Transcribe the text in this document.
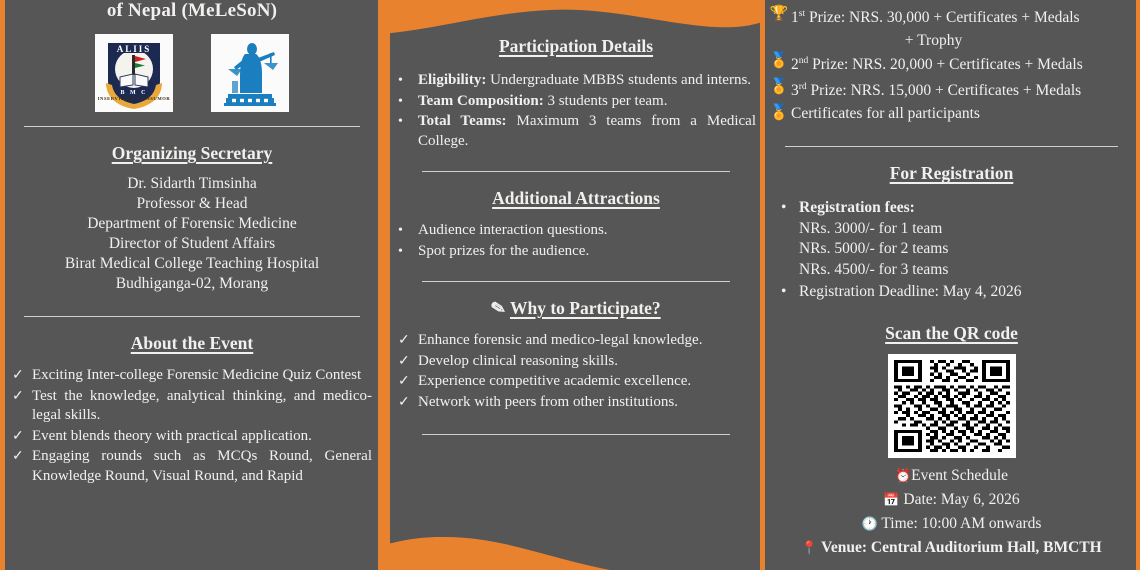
of Nepal (MeLeSoN)
ALIIS
B M C
INSERVIENDO CONSUMOR
Organizing Secretary
Dr. Sidarth Timsinha
Professor & Head
Department of Forensic Medicine
Director of Student Affairs
Birat Medical College Teaching Hospital
Budhiganga-02, Morang
About the Event
✓ Exciting Inter-college Forensic Medicine Quiz Contest
✓ Test the knowledge, analytical thinking, and medico-legal skills.
✓ Event blends theory with practical application.
✓ Engaging rounds such as MCQs Round, General Knowledge Round, Visual Round, and Rapid
Participation Details
• Eligibility: Undergraduate MBBS students and interns.
• Team Composition: 3 students per team.
• Total Teams: Maximum 3 teams from a Medical College.
Additional Attractions
• Audience interaction questions.
• Spot prizes for the audience.
✎ Why to Participate?
✓ Enhance forensic and medico-legal knowledge.
✓ Develop clinical reasoning skills.
✓ Experience competitive academic excellence.
✓ Network with peers from other institutions.
🏆 1st Prize: NRS. 30,000 + Certificates + Medals
+ Trophy
🏅 2nd Prize: NRS. 20,000 + Certificates + Medals
🏅 3rd Prize: NRS. 15,000 + Certificates + Medals
🏅 Certificates for all participants
For Registration
• Registration fees:
NRs. 3000/- for 1 team
NRs. 5000/- for 2 teams
NRs. 4500/- for 3 teams
• Registration Deadline: May 4, 2026
Scan the QR code
⏰Event Schedule
📅 Date: May 6, 2026
🕐 Time: 10:00 AM onwards
📍 Venue: Central Auditorium Hall, BMCTH
